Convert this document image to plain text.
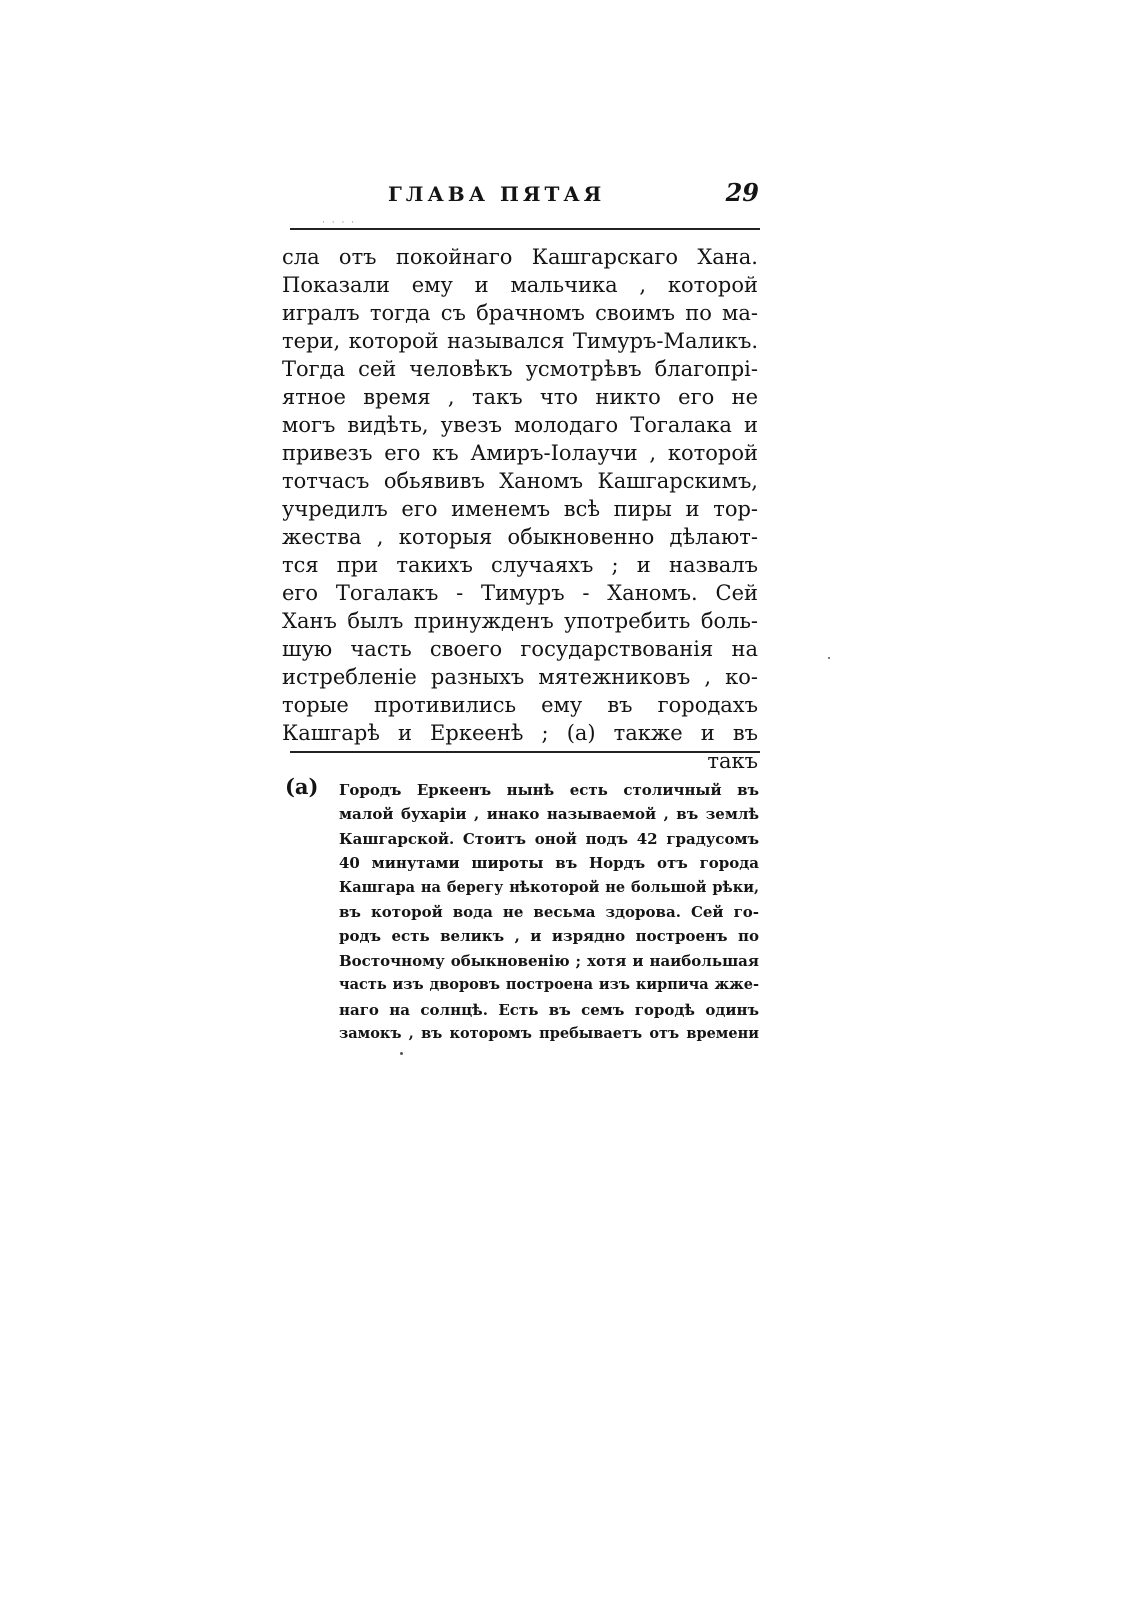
ГЛАВА ПЯТАЯ	29
· · · ·
сла отъ покойнаго Кашгарскаго Хана.
Показали ему и мальчика , которой
игралъ тогда съ брачномъ своимъ по ма-
тери, которой назывался Тимуръ-Маликъ.
Тогда сей человѣкъ усмотрѣвъ благопрі-
ятное время , такъ что никто его не
могъ видѣть, увезъ молодаго Тогалака и
привезъ его къ Амиръ-Іолаучи , которой
тотчасъ обьявивъ Ханомъ Кашгарскимъ,
учредилъ его именемъ всѣ пиры и тор-
жества , которыя обыкновенно дѣлают-
тся при такихъ случаяхъ ; и назвалъ
его Тогалакъ - Тимуръ - Ханомъ. Сей
Ханъ былъ принужденъ употребить боль-
шую часть своего государствованія на
истребленіе разныхъ мятежниковъ , ко-
торые противились ему въ городахъ
Кашгарѣ и Еркеенѣ ; (а) также и въ
такъ
(а) Городъ Еркеенъ нынѣ есть столичный въ
малой бухаріи , инако называемой , въ землѣ
Кашгарской. Стоитъ оной подъ 42 градусомъ
40 минутами широты въ Нордъ отъ города
Кашгара на берегу нѣкоторой не большой рѣки,
въ которой вода не весьма здорова. Сей го-
родъ есть великъ , и изрядно построенъ по
Восточному обыкновенію ; хотя и наибольшая
часть изъ дворовъ построена изъ кирпича жже-
наго на солнцѣ. Есть въ семъ городѣ одинъ
замокъ , въ которомъ пребываетъ отъ времени
